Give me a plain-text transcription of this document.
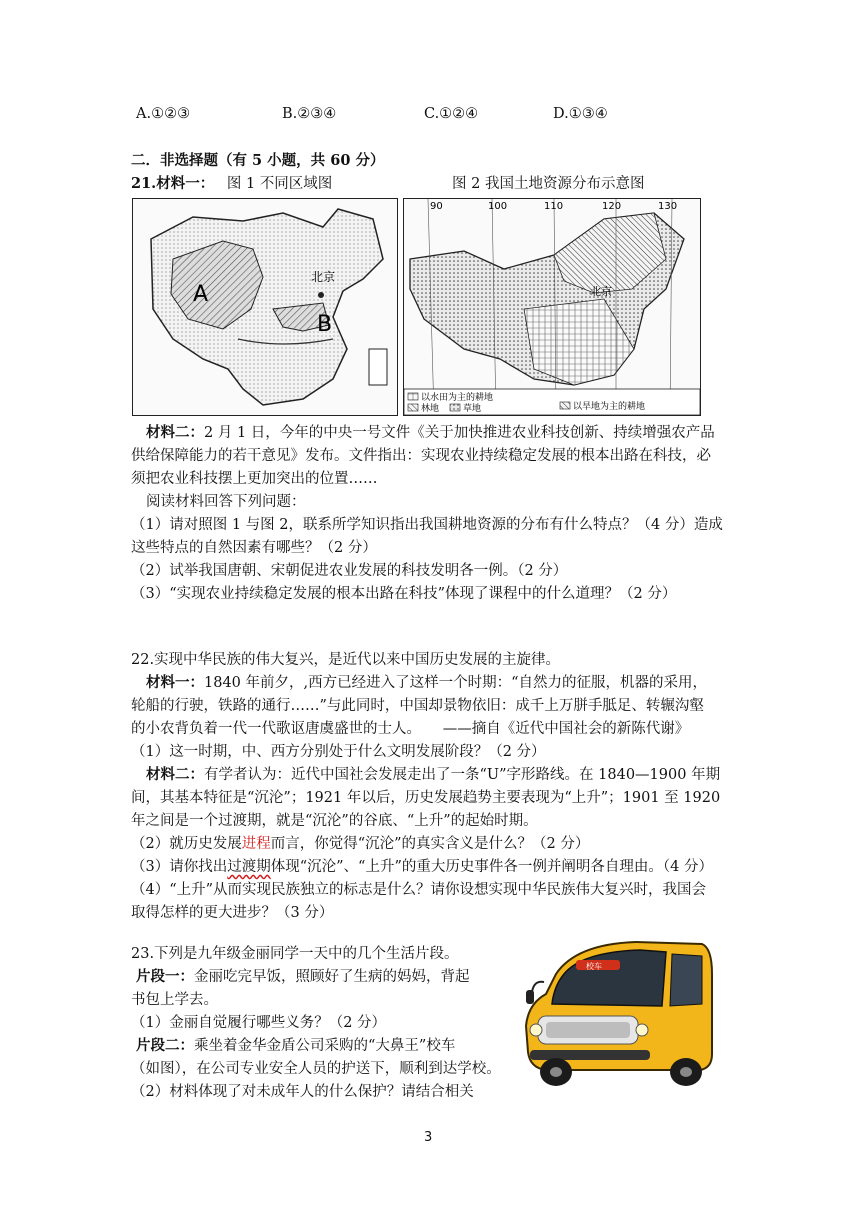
A.①②③	B.②③④	C.①②④	D.①③④
二．非选择题（有 5 小题，共 60 分）
21.材料一： 图 1 不同区域图	图 2 我国土地资源分布示意图
A
B
北京
90	100	110	120	130
北京
以水田为主的耕地
林地	草地	以旱地为主的耕地
材料二：2 月 1 日，今年的中央一号文件《关于加快推进农业科技创新、持续增强农产品
供给保障能力的若干意见》发布。文件指出：实现农业持续稳定发展的根本出路在科技，必
须把农业科技摆上更加突出的位置……
阅读材料回答下列问题：
（1）请对照图 1 与图 2，联系所学知识指出我国耕地资源的分布有什么特点？（4 分）造成
这些特点的自然因素有哪些？（2 分）
（2）试举我国唐朝、宋朝促进农业发展的科技发明各一例。（2 分）
（3）“实现农业持续稳定发展的根本出路在科技”体现了课程中的什么道理？（2 分）
22.实现中华民族的伟大复兴，是近代以来中国历史发展的主旋律。
材料一：1840 年前夕，,西方已经进入了这样一个时期：“自然力的征服，机器的采用，
轮船的行驶，铁路的通行……”与此同时，中国却景物依旧：成千上万胼手胝足、转辗沟壑
的小农背负着一代一代歌讴唐虞盛世的士人。　　——摘自《近代中国社会的新陈代谢》
（1）这一时期，中、西方分别处于什么文明发展阶段？（2 分）
材料二：有学者认为：近代中国社会发展走出了一条“U”字形路线。在 1840—1900 年期
间，其基本特征是“沉沦”；1921 年以后，历史发展趋势主要表现为“上升”；1901 至 1920
年之间是一个过渡期，就是“沉沦”的谷底、“上升”的起始时期。
（2）就历史发展进程而言，你觉得“沉沦”的真实含义是什么？（2 分）
（3）请你找出过渡期体现“沉沦”、“上升”的重大历史事件各一例并阐明各自理由。（4 分）
（4）“上升”从而实现民族独立的标志是什么？请你设想实现中华民族伟大复兴时，我国会
取得怎样的更大进步？（3 分）
23.下列是九年级金丽同学一天中的几个生活片段。
片段一：金丽吃完早饭，照顾好了生病的妈妈，背起
书包上学去。
（1）金丽自觉履行哪些义务？（2 分）
片段二：乘坐着金华金盾公司采购的“大鼻王”校车
（如图），在公司专业安全人员的护送下，顺利到达学校。
（2）材料体现了对未成年人的什么保护？请结合相关
校车
3
